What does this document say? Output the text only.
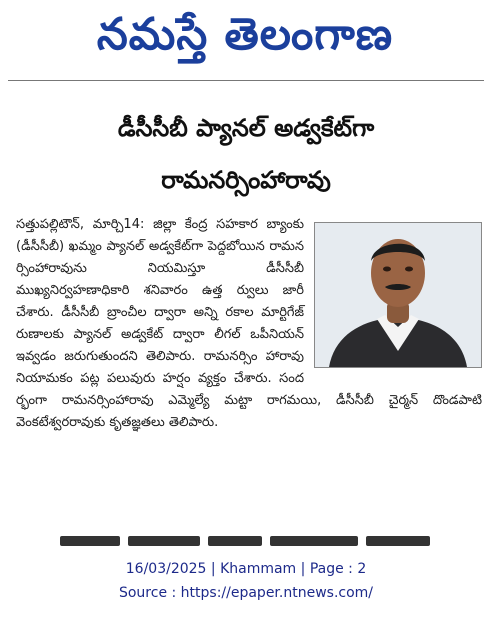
నమస్తే తెలంగాణ
డీసీసీబీ ప్యానల్ అడ్వకేట్‌గా
రామనర్సింహారావు
సత్తుపల్లిటౌన్, మార్చి14: జిల్లా కేంద్ర సహకార బ్యాంకు (డీసీసీబీ) ఖమ్మం ప్యానల్ అడ్వకేట్‌గా పెద్దబోయిన రామన ర్సింహారావును నియమిస్తూ డీసీసీబీ ముఖ్యనిర్వహణాధికారి శనివారం ఉత్త ర్వులు జారీ చేశారు. డీసీసీబీ బ్రాంచీల ద్వారా అన్ని రకాల మార్టిగేజ్ రుణాలకు ప్యానల్ అడ్వకేట్ ద్వారా లీగల్ ఒపీనియన్ ఇవ్వడం జరుగుతుందని తెలిపారు. రామనర్సిం హారావు నియామకం పట్ల పలువురు హర్షం వ్యక్తం చేశారు. సంద ర్భంగా రామనర్సింహారావు ఎమ్మెల్యే మట్టా రాగమయి, డీసీసీబీ చైర్మన్ దొండపాటి వెంకటేశ్వరరావుకు కృతజ్ఞతలు తెలిపారు.
16/03/2025 | Khammam | Page : 2
Source : https://epaper.ntnews.com/
